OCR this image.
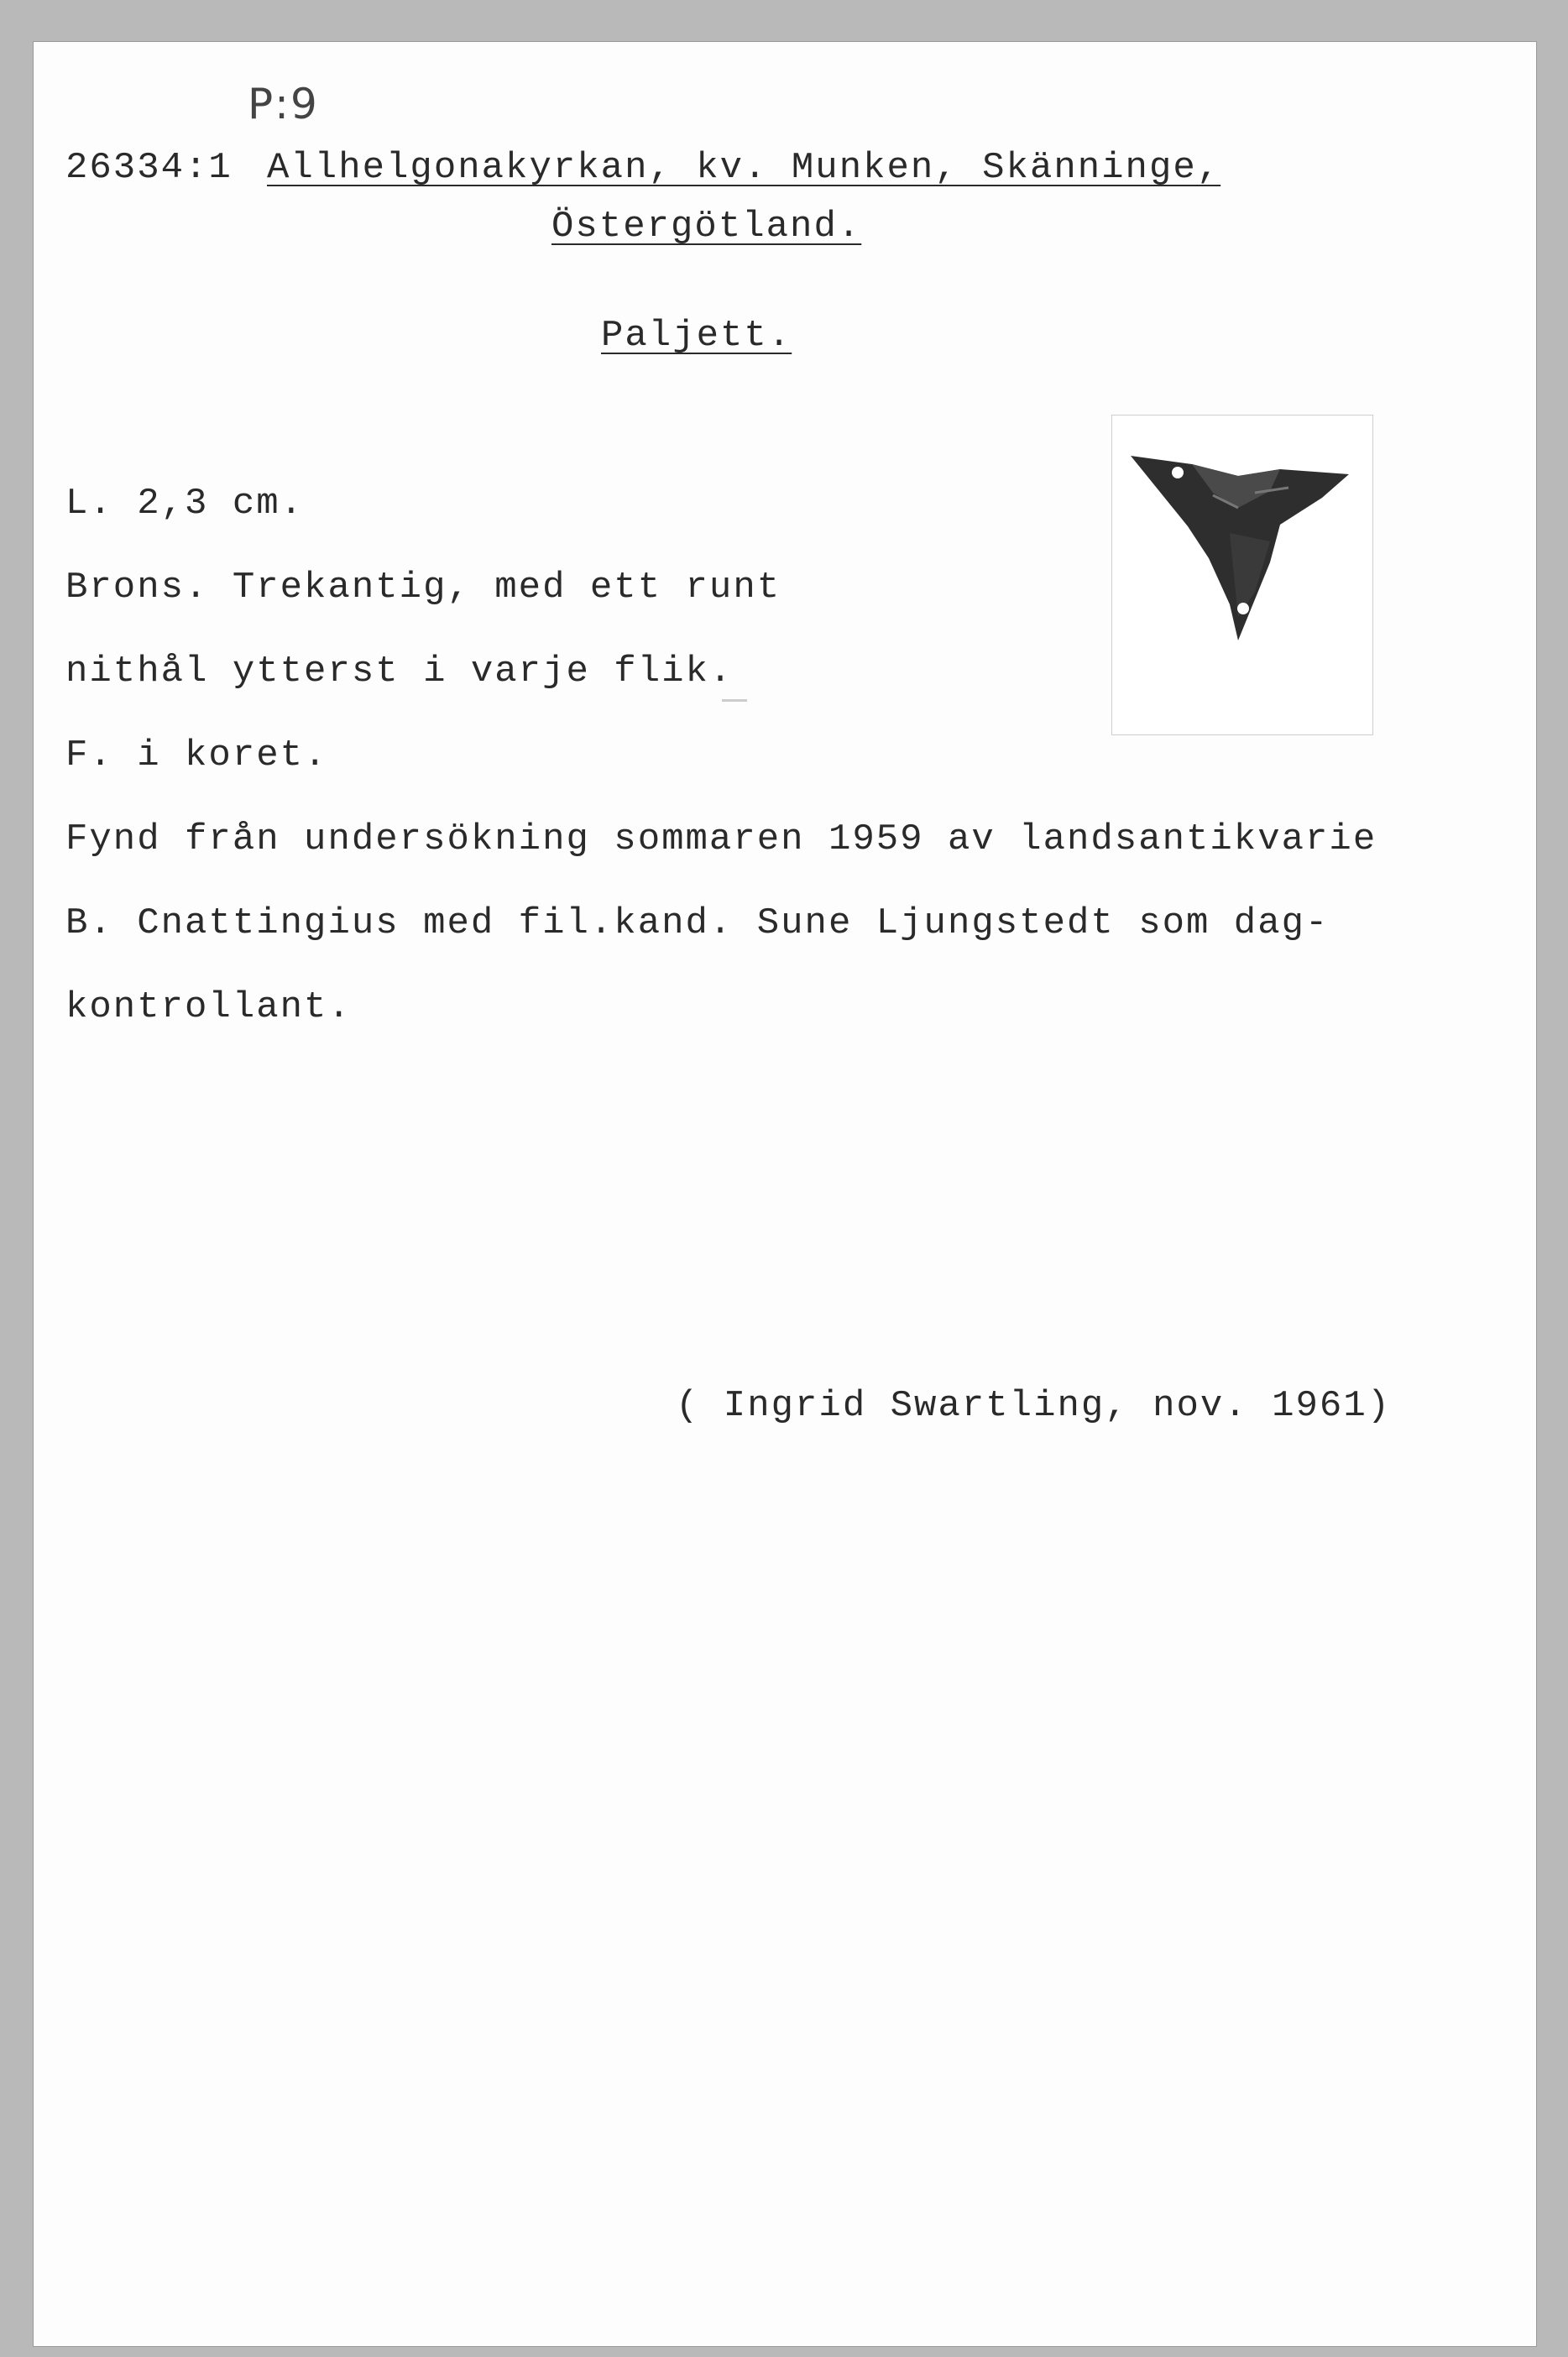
P:9
26334:1 Allhelgonakyrkan, kv. Munken, Skänninge,
Östergötland.
Paljett.
L. 2,3 cm.
Brons. Trekantig, med ett runt
nithål ytterst i varje flik.
F. i koret.
Fynd från undersökning sommaren 1959 av landsantikvarie
B. Cnattingius med fil.kand. Sune Ljungstedt som dag-
kontrollant.
( Ingrid Swartling, nov. 1961)
